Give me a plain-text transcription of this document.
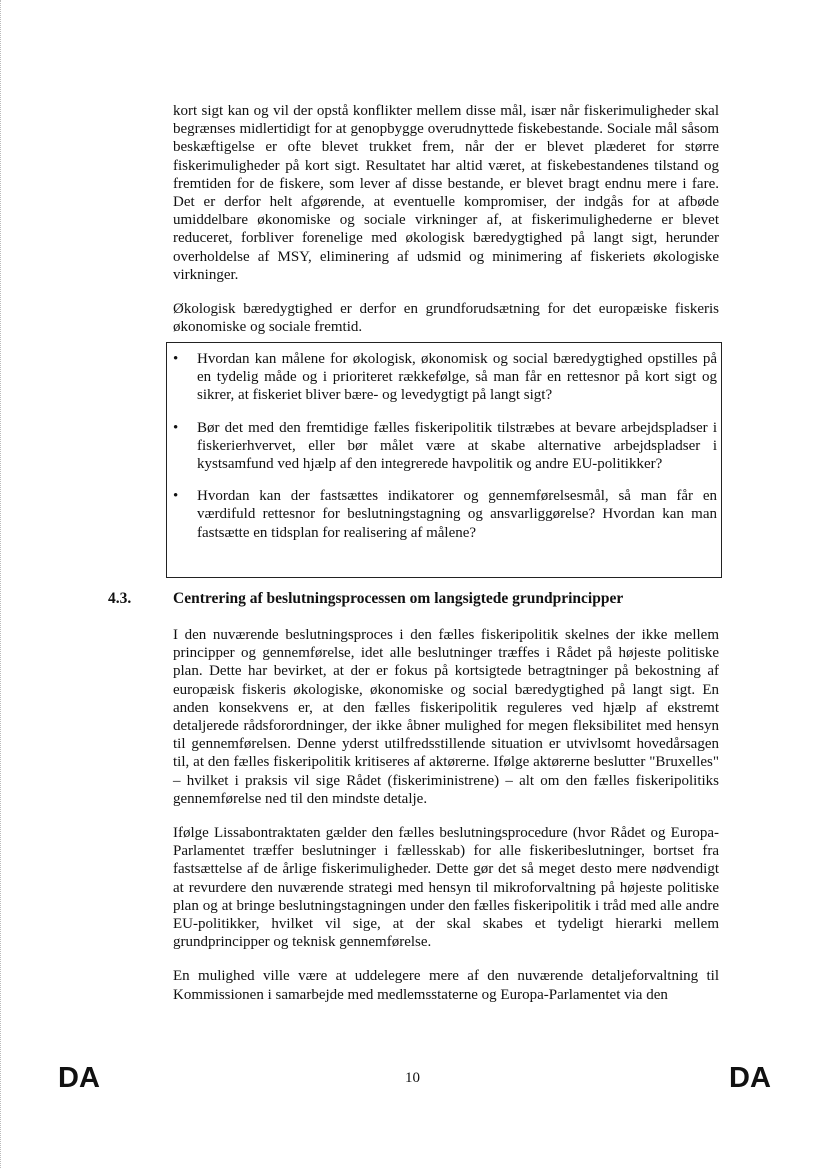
kort sigt kan og vil der opstå konflikter mellem disse mål, især når fiskerimuligheder skal begrænses midlertidigt for at genopbygge overudnyttede fiskebestande. Sociale mål såsom beskæftigelse er ofte blevet trukket frem, når der er blevet plæderet for større fiskerimuligheder på kort sigt. Resultatet har altid været, at fiskebestandenes tilstand og fremtiden for de fiskere, som lever af disse bestande, er blevet bragt endnu mere i fare. Det er derfor helt afgørende, at eventuelle kompromiser, der indgås for at afbøde umiddelbare økonomiske og sociale virkninger af, at fiskerimulighederne er blevet reduceret, forbliver forenelige med økologisk bæredygtighed på langt sigt, herunder overholdelse af MSY, eliminering af udsmid og minimering af fiskeriets økologiske virkninger.

Økologisk bæredygtighed er derfor en grundforudsætning for det europæiske fiskeris økonomiske og sociale fremtid.

• Hvordan kan målene for økologisk, økonomisk og social bæredygtighed opstilles på en tydelig måde og i prioriteret rækkefølge, så man får en rettesnor på kort sigt og sikrer, at fiskeriet bliver bære- og levedygtigt på langt sigt?

• Bør det med den fremtidige fælles fiskeripolitik tilstræbes at bevare arbejdspladser i fiskerierhvervet, eller bør målet være at skabe alternative arbejdspladser i kystsamfund ved hjælp af den integrerede havpolitik og andre EU-politikker?

• Hvordan kan der fastsættes indikatorer og gennemførelsesmål, så man får en værdifuld rettesnor for beslutningstagning og ansvarliggørelse? Hvordan kan man fastsætte en tidsplan for realisering af målene?

4.3.	Centrering af beslutningsprocessen om langsigtede grundprincipper

I den nuværende beslutningsproces i den fælles fiskeripolitik skelnes der ikke mellem principper og gennemførelse, idet alle beslutninger træffes i Rådet på højeste politiske plan. Dette har bevirket, at der er fokus på kortsigtede betragtninger på bekostning af europæisk fiskeris økologiske, økonomiske og social bæredygtighed på langt sigt. En anden konsekvens er, at den fælles fiskeripolitik reguleres ved hjælp af ekstremt detaljerede rådsforordninger, der ikke åbner mulighed for megen fleksibilitet med hensyn til gennemførelsen. Denne yderst utilfredsstillende situation er utvivlsomt hovedårsagen til, at den fælles fiskeripolitik kritiseres af aktørerne. Ifølge aktørerne beslutter "Bruxelles" – hvilket i praksis vil sige Rådet (fiskeriministrene) – alt om den fælles fiskeripolitiks gennemførelse ned til den mindste detalje.

Ifølge Lissabontraktaten gælder den fælles beslutningsprocedure (hvor Rådet og Europa-Parlamentet træffer beslutninger i fællesskab) for alle fiskeribeslutninger, bortset fra fastsættelse af de årlige fiskerimuligheder. Dette gør det så meget desto mere nødvendigt at revurdere den nuværende strategi med hensyn til mikroforvaltning på højeste politiske plan og at bringe beslutningstagningen under den fælles fiskeripolitik i tråd med alle andre EU-politikker, hvilket vil sige, at der skal skabes et tydeligt hierarki mellem grundprincipper og teknisk gennemførelse.

En mulighed ville være at uddelegere mere af den nuværende detaljeforvaltning til Kommissionen i samarbejde med medlemsstaterne og Europa-Parlamentet via den

DA	10	DA
